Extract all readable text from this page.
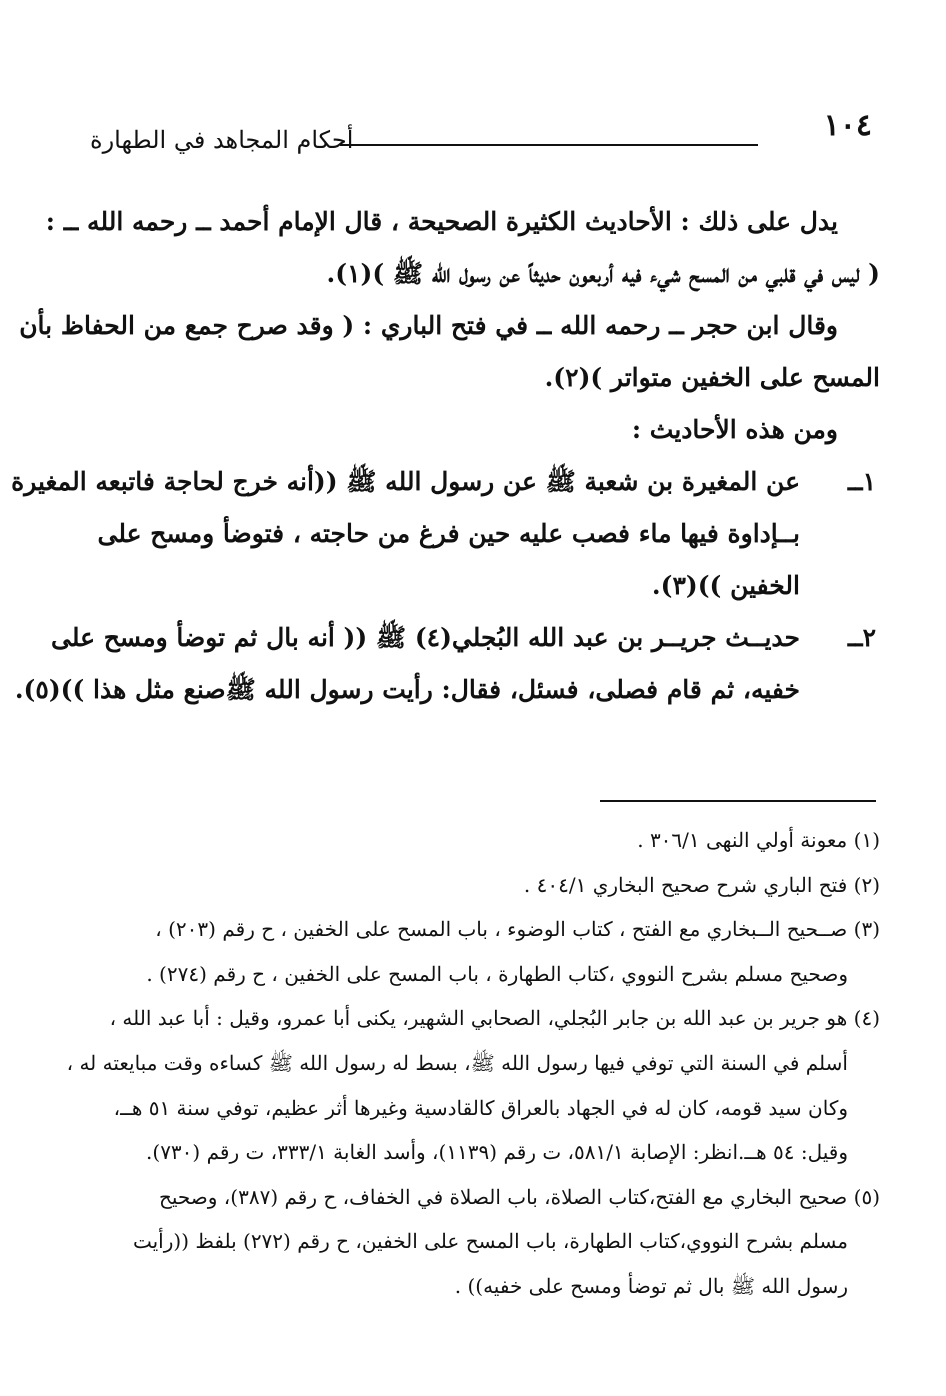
١٠٤
أحكام المجاهد في الطهارة
يدل على ذلك : الأحاديث الكثيرة الصحيحة ، قال الإمام أحمد ــ رحمه الله ــ :
( ليس في قلبي من المسح شيء فيه أربعون حديثاً عن رسول الله ﷺ )(١).
وقال ابن حجر ــ رحمه الله ــ في فتح الباري : ( وقد صرح جمع من الحفاظ بأن
المسح على الخفين متواتر )(٢).
ومن هذه الأحاديث :
١ــ
عن المغيرة بن شعبة ﷺ عن رسول الله ﷺ ((أنه خرج لحاجة فاتبعه المغيرة
بــإداوة فيها ماء فصب عليه حين فرغ من حاجته ، فتوضأ ومسح على
الخفين ))(٣).
٢ــ
حديــث جريــر بن عبد الله البُجلي(٤) ﷺ (( أنه بال ثم توضأ ومسح على
خفيه، ثم قام فصلى، فسئل، فقال: رأيت رسول الله ﷺصنع مثل هذا ))(٥).
(١) معونة أولي النهى ٣٠٦/١ .
(٢) فتح الباري شرح صحيح البخاري ٤٠٤/١ .
(٣) صــحيح الــبخاري مع الفتح ، كتاب الوضوء ، باب المسح على الخفين ، ح رقم (٢٠٣) ،
وصحيح مسلم بشرح النووي ،كتاب الطهارة ، باب المسح على الخفين ، ح رقم (٢٧٤) .
(٤) هو جرير بن عبد الله بن جابر البُجلي، الصحابي الشهير، يكنى أبا عمرو، وقيل : أبا عبد الله ،
أسلم في السنة التي توفي فيها رسول الله ﷺ، بسط له رسول الله ﷺ كساءه وقت مبايعته له ،
وكان سيد قومه، كان له في الجهاد بالعراق كالقادسية وغيرها أثر عظيم، توفي سنة ٥١ هــ،
وقيل: ٥٤ هــ.انظر: الإصابة ٥٨١/١، ت رقم (١١٣٩)، وأسد الغابة ٣٣٣/١، ت رقم (٧٣٠).
(٥) صحيح البخاري مع الفتح،كتاب الصلاة، باب الصلاة في الخفاف، ح رقم (٣٨٧)، وصحيح
مسلم بشرح النووي،كتاب الطهارة، باب المسح على الخفين، ح رقم (٢٧٢) بلفظ ((رأيت
رسول الله ﷺ بال ثم توضأ ومسح على خفيه)) .
